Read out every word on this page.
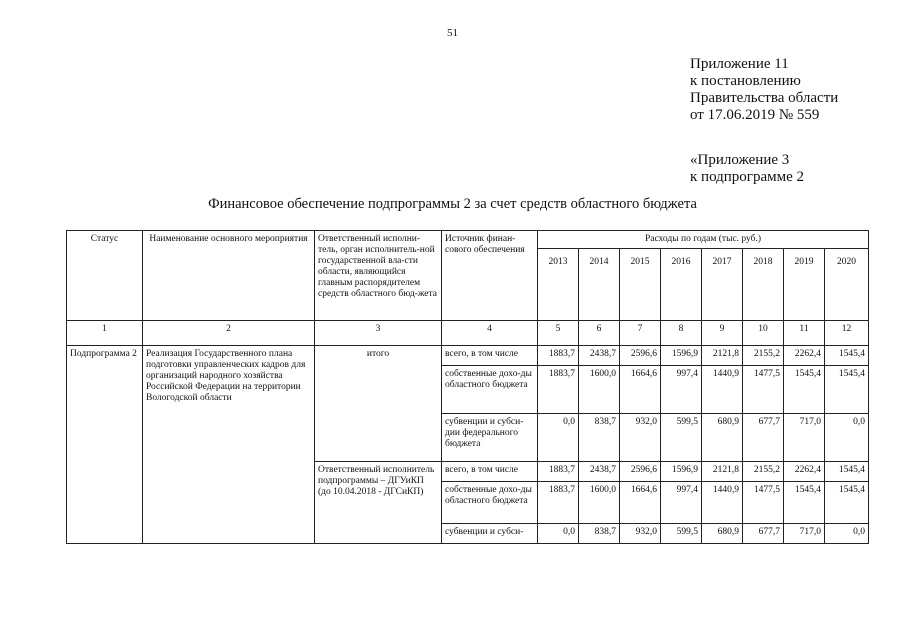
51
Приложение 11
к постановлению
Правительства области
от 17.06.2019 № 559
«Приложение 3
к подпрограмме 2
Финансовое обеспечение подпрограммы 2 за счет средств областного бюджета
Статус	Наименование основного мероприятия	Ответственный исполни-тель, орган исполнитель-ной государственной вла-сти области, являющийся главным распорядителем средств областного бюд-жета	Источник финан-сового обеспечения	Расходы по годам (тыс. руб.)							
				2013	2014	2015	2016	2017	2018	2019	2020
1	2	3	4	5	6	7	8	9	10	11	12
Подпрограмма 2	Реализация Государственного плана подготовки управленческих кадров для организаций народного хозяйства Российской Федерации на территории Вологодской области	итого	всего, в том числе	1883,7	2438,7	2596,6	1596,9	2121,8	2155,2	2262,4	1545,4
			собственные дохо-ды областного бюджета	1883,7	1600,0	1664,6	997,4	1440,9	1477,5	1545,4	1545,4
			субвенции и субси-дии федерального бюджета	0,0	838,7	932,0	599,5	680,9	677,7	717,0	0,0
		Ответственный исполнитель подпрограммы – ДГУиКП (до 10.04.2018 - ДГСиКП)	всего, в том числе	1883,7	2438,7	2596,6	1596,9	2121,8	2155,2	2262,4	1545,4
			собственные дохо-ды областного бюджета	1883,7	1600,0	1664,6	997,4	1440,9	1477,5	1545,4	1545,4
			субвенции и субси-	0,0	838,7	932,0	599,5	680,9	677,7	717,0	0,0
